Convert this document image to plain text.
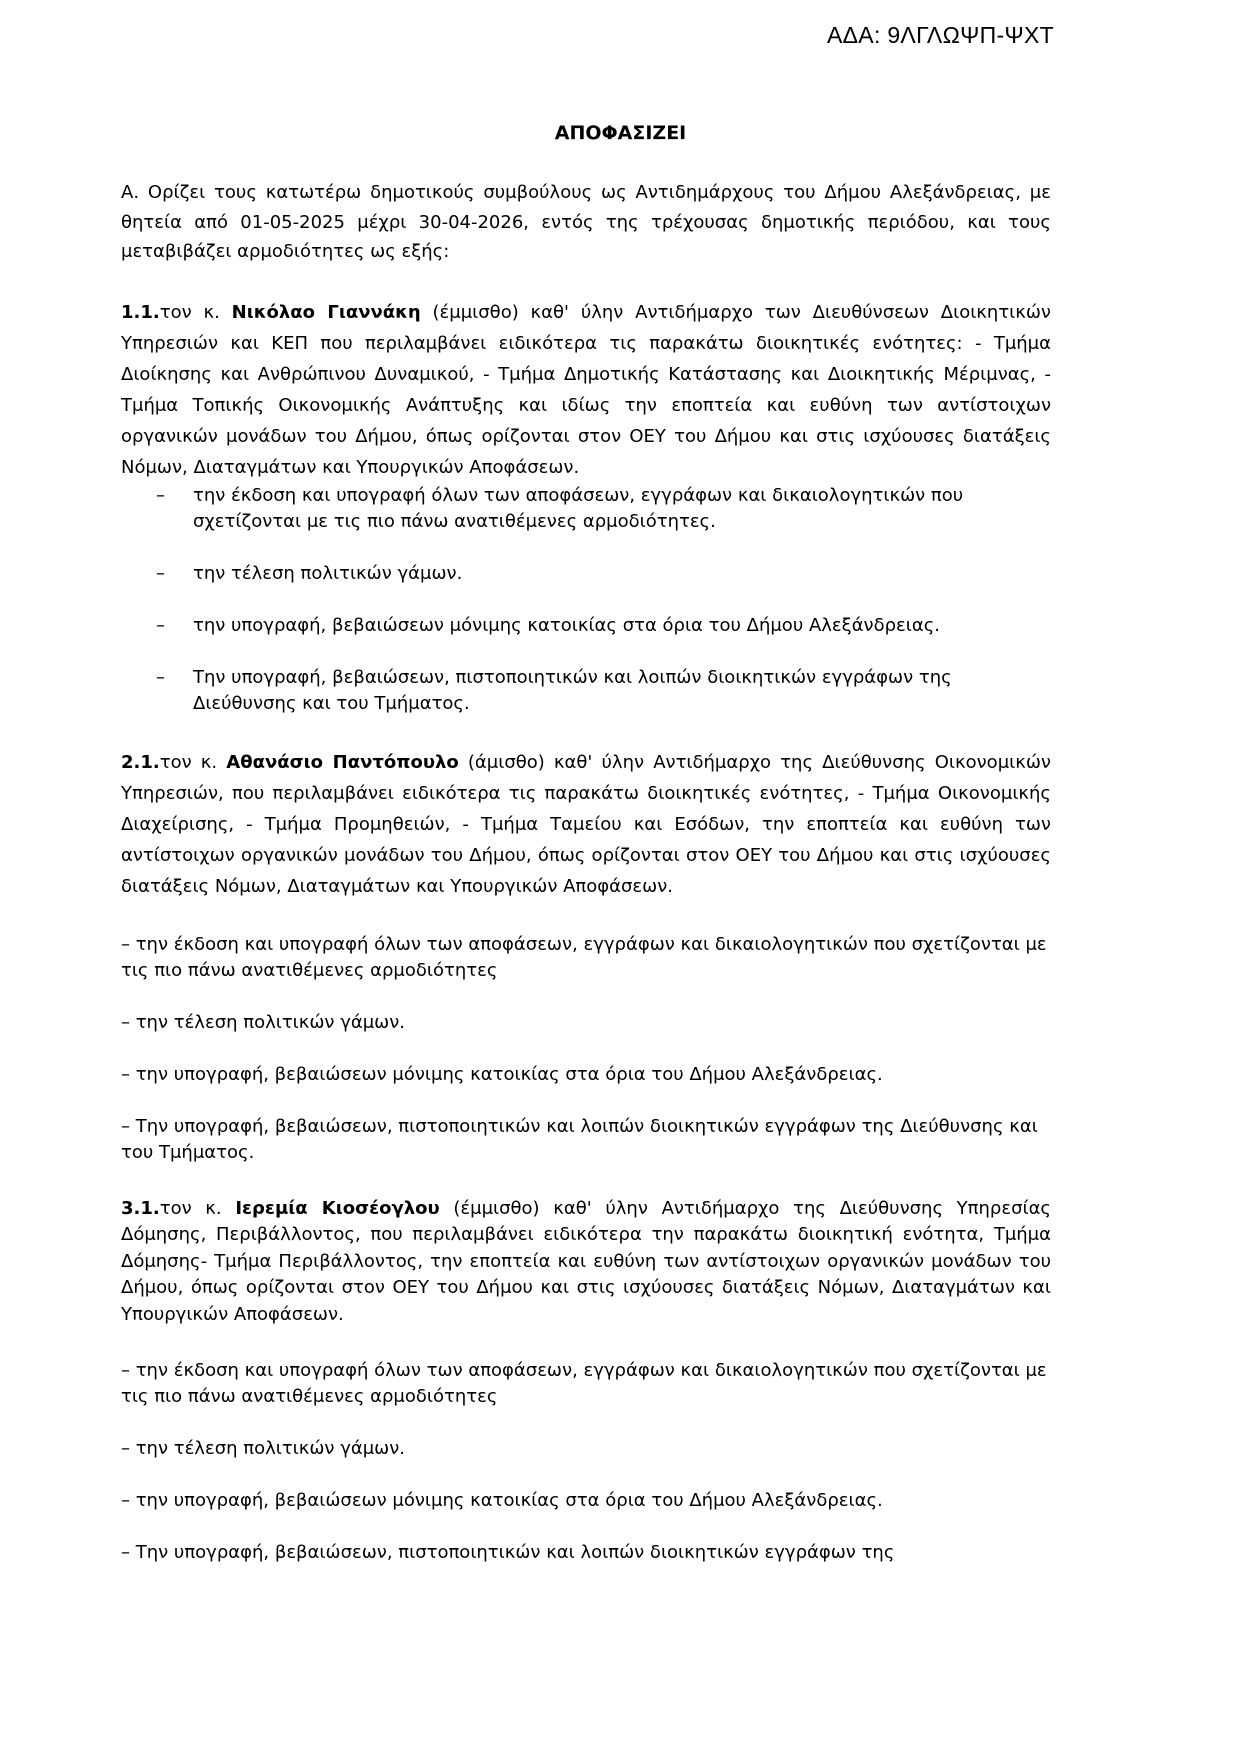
ΑΔΑ: 9ΛΓΛΩΨΠ-ΨΧΤ
ΑΠΟΦΑΣΙΖΕΙ

Α. Ορίζει τους κατωτέρω δημοτικούς συμβούλους ως Αντιδημάρχους του Δήμου Αλεξάνδρειας, με θητεία από 01-05-2025 μέχρι 30-04-2026, εντός της τρέχουσας δημοτικής περιόδου, και τους μεταβιβάζει αρμοδιότητες ως εξής:

1.1.τον κ. Νικόλαο Γιαννάκη (έμμισθο) καθ' ύλην Αντιδήμαρχο των Διευθύνσεων Διοικητικών Υπηρεσιών και ΚΕΠ που περιλαμβάνει ειδικότερα τις παρακάτω διοικητικές ενότητες: - Τμήμα Διοίκησης και Ανθρώπινου Δυναμικού, - Τμήμα Δημοτικής Κατάστασης και Διοικητικής Μέριμνας, - Τμήμα Τοπικής Οικονομικής Ανάπτυξης και ιδίως την εποπτεία και ευθύνη των αντίστοιχων οργανικών μονάδων του Δήμου, όπως ορίζονται στον ΟΕΥ του Δήμου και στις ισχύουσες διατάξεις Νόμων, Διαταγμάτων και Υπουργικών Αποφάσεων.

– την έκδοση και υπογραφή όλων των αποφάσεων, εγγράφων και δικαιολογητικών που σχετίζονται με τις πιο πάνω ανατιθέμενες αρμοδιότητες.

– την τέλεση πολιτικών γάμων.

– την υπογραφή, βεβαιώσεων μόνιμης κατοικίας στα όρια του Δήμου Αλεξάνδρειας.

– Την υπογραφή, βεβαιώσεων, πιστοποιητικών και λοιπών διοικητικών εγγράφων της Διεύθυνσης και του Τμήματος.

2.1.τον κ. Αθανάσιο Παντόπουλο (άμισθο) καθ' ύλην Αντιδήμαρχο της Διεύθυνσης Οικονομικών Υπηρεσιών, που περιλαμβάνει ειδικότερα τις παρακάτω διοικητικές ενότητες, - Τμήμα Οικονομικής Διαχείρισης, - Τμήμα Προμηθειών, - Τμήμα Ταμείου και Εσόδων, την εποπτεία και ευθύνη των αντίστοιχων οργανικών μονάδων του Δήμου, όπως ορίζονται στον ΟΕΥ του Δήμου και στις ισχύουσες διατάξεις Νόμων, Διαταγμάτων και Υπουργικών Αποφάσεων.

– την έκδοση και υπογραφή όλων των αποφάσεων, εγγράφων και δικαιολογητικών που σχετίζονται με τις πιο πάνω ανατιθέμενες αρμοδιότητες

– την τέλεση πολιτικών γάμων.

– την υπογραφή, βεβαιώσεων μόνιμης κατοικίας στα όρια του Δήμου Αλεξάνδρειας.

– Την υπογραφή, βεβαιώσεων, πιστοποιητικών και λοιπών διοικητικών εγγράφων της Διεύθυνσης και του Τμήματος.

3.1.τον κ. Ιερεμία Κιοσέογλου (έμμισθο) καθ' ύλην Αντιδήμαρχο της Διεύθυνσης Υπηρεσίας Δόμησης, Περιβάλλοντος, που περιλαμβάνει ειδικότερα την παρακάτω διοικητική ενότητα, Τμήμα Δόμησης- Τμήμα Περιβάλλοντος, την εποπτεία και ευθύνη των αντίστοιχων οργανικών μονάδων του Δήμου, όπως ορίζονται στον ΟΕΥ του Δήμου και στις ισχύουσες διατάξεις Νόμων, Διαταγμάτων και Υπουργικών Αποφάσεων.

– την έκδοση και υπογραφή όλων των αποφάσεων, εγγράφων και δικαιολογητικών που σχετίζονται με τις πιο πάνω ανατιθέμενες αρμοδιότητες

– την τέλεση πολιτικών γάμων.

– την υπογραφή, βεβαιώσεων μόνιμης κατοικίας στα όρια του Δήμου Αλεξάνδρειας.

– Την υπογραφή, βεβαιώσεων, πιστοποιητικών και λοιπών διοικητικών εγγράφων της
